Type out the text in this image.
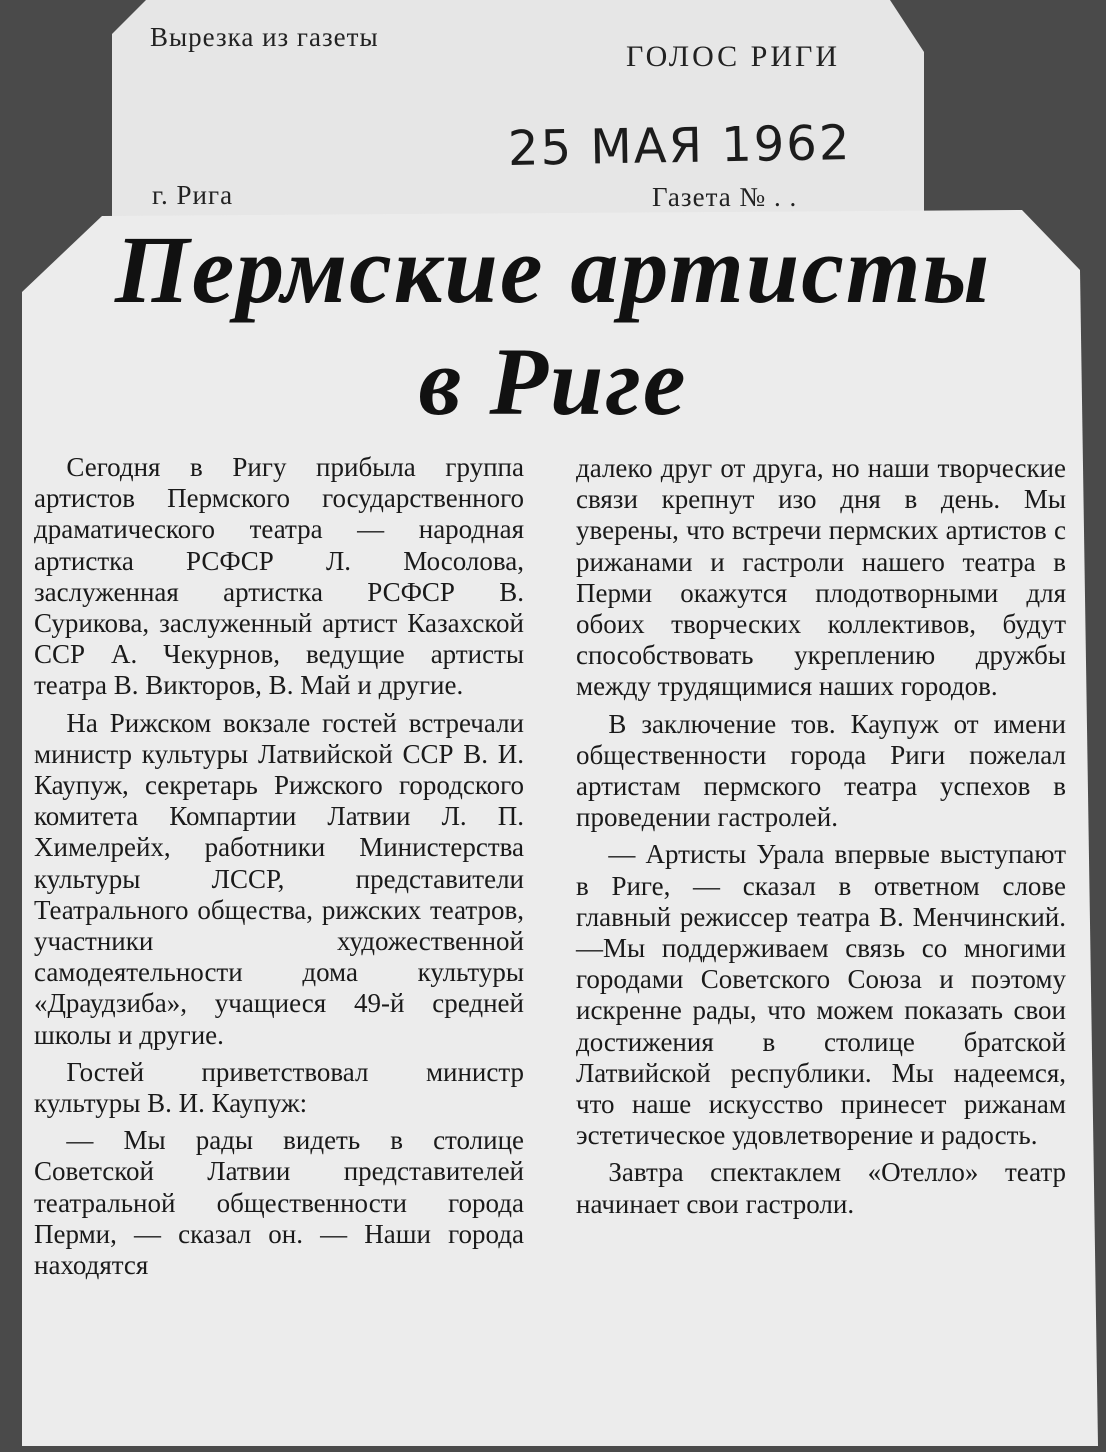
Вырезка из газеты
ГОЛОС РИГИ
25 МАЯ 1962
г. Рига	Газета № . .
Пермские артисты
в Риге

Сегодня в Ригу прибыла группа артистов Пермского государственного драматического театра — народная артистка РСФСР Л. Мосолова, заслуженная артистка РСФСР В. Сурикова, заслуженный артист Казахской ССР А. Чекурнов, ведущие артисты театра В. Викторов, В. Май и другие.

На Рижском вокзале гостей встречали министр культуры Латвийской ССР В. И. Каупуж, секретарь Рижского городского комитета Компартии Латвии Л. П. Химелрейх, работники Министерства культуры ЛССР, представители Театрального общества, рижских театров, участники художественной самодеятельности дома культуры «Драудзиба», учащиеся 49-й средней школы и другие.

Гостей приветствовал министр культуры В. И. Каупуж:

— Мы рады видеть в столице Советской Латвии представителей театральной общественности города Перми, — сказал он. — Наши города находятся

далеко друг от друга, но наши творческие связи крепнут изо дня в день. Мы уверены, что встречи пермских артистов с рижанами и гастроли нашего театра в Перми окажутся плодотворными для обоих творческих коллективов, будут способствовать укреплению дружбы между трудящимися наших городов.

В заключение тов. Каупуж от имени общественности города Риги пожелал артистам пермского театра успехов в проведении гастролей.

— Артисты Урала впервые выступают в Риге, — сказал в ответном слове главный режиссер театра В. Менчинский.—Мы поддерживаем связь со многими городами Советского Союза и поэтому искренне рады, что можем показать свои достижения в столице братской Латвийской республики. Мы надеемся, что наше искусство принесет рижанам эстетическое удовлетворение и радость.

Завтра спектаклем «Отелло» театр начинает свои гастроли.
